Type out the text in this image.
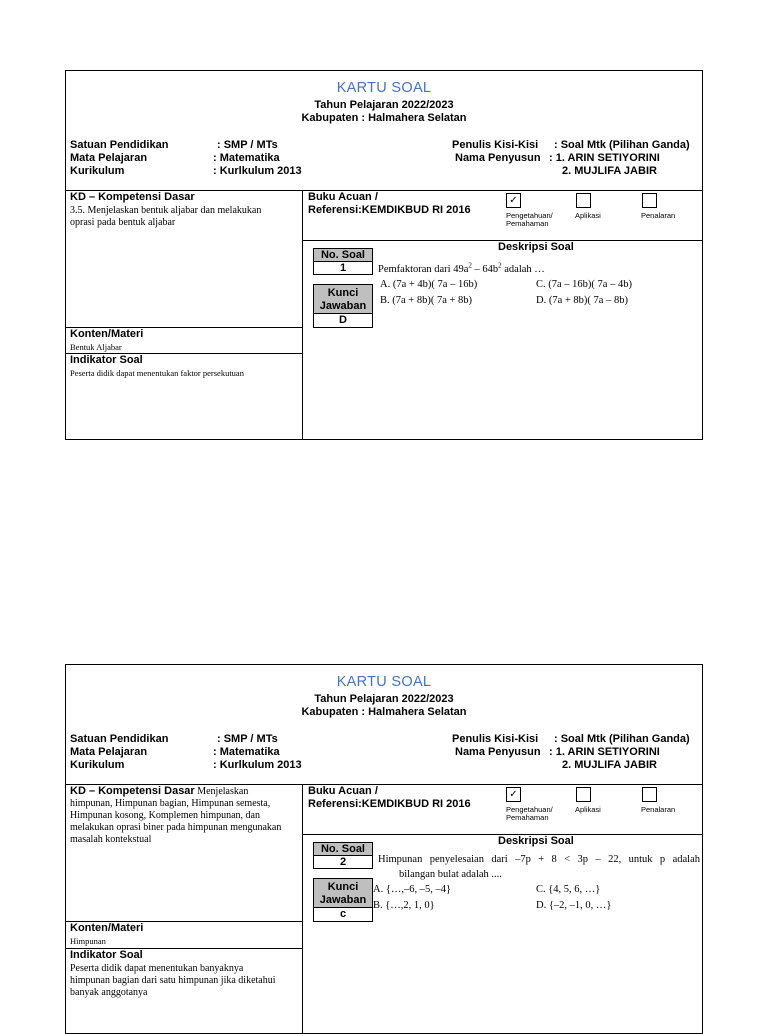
KARTU SOAL
Tahun Pelajaran 2022/2023
Kabupaten : Halmahera Selatan
Satuan Pendidikan	: SMP / MTs
Mata Pelajaran	: Matematika
Kurikulum	: Kurlkulum 2013
Penulis Kisi-Kisi : Soal Mtk (Pilihan Ganda)
Nama Penyusun : 1. ARIN SETIYORINI
2. MUJLIFA JABIR
KD – Kompetensi Dasar
3.5. Menjelaskan bentuk aljabar dan melakukan oprasi pada bentuk aljabar
Konten/Materi
Bentuk Aljabar
Indikator Soal
Peserta didik dapat menentukan faktor persekutuan
Buku Acuan /
Referensi:KEMDIKBUD RI 2016
✓
Pengetahuan/
Pemahaman
Aplikasi	Penalaran
Deskripsi Soal
No. Soal
1
Kunci
Jawaban
D
Pemfaktoran dari $49a^2 - 64b^2$ adalah …
A. (7a + 4b)( 7a – 16b)
B. (7a + 8b)( 7a + 8b)
C. (7a – 16b)( 7a – 4b)
D. (7a + 8b)( 7a – 8b)
KARTU SOAL
Tahun Pelajaran 2022/2023
Kabupaten : Halmahera Selatan
Satuan Pendidikan	: SMP / MTs
Mata Pelajaran	: Matematika
Kurikulum	: Kurlkulum 2013
Penulis Kisi-Kisi : Soal Mtk (Pilihan Ganda)
Nama Penyusun : 1. ARIN SETIYORINI
2. MUJLIFA JABIR
KD – Kompetensi Dasar Menjelaskan himpunan, Himpunan bagian, Himpunan semesta, Himpunan kosong, Komplemen himpunan, dan melakukan oprasi biner pada himpunan mengunakan masalah kontekstual
Konten/Materi
Himpunan
Indikator Soal
Peserta didik dapat menentukan banyaknya himpunan bagian dari satu himpunan jika diketahui banyak anggotanya
Buku Acuan /
Referensi:KEMDIKBUD RI 2016
✓
Pengetahuan/
Pemahaman
Aplikasi	Penalaran
Deskripsi Soal
No. Soal
2
Kunci
Jawaban
c
Himpunan penyelesaian dari –7p + 8 < 3p – 22, untuk p adalah
bilangan bulat adalah ....
A. {…,–6, –5, –4}
B. {…,2, 1, 0}
C. {4, 5, 6, …}
D. {–2, –1, 0, …}
